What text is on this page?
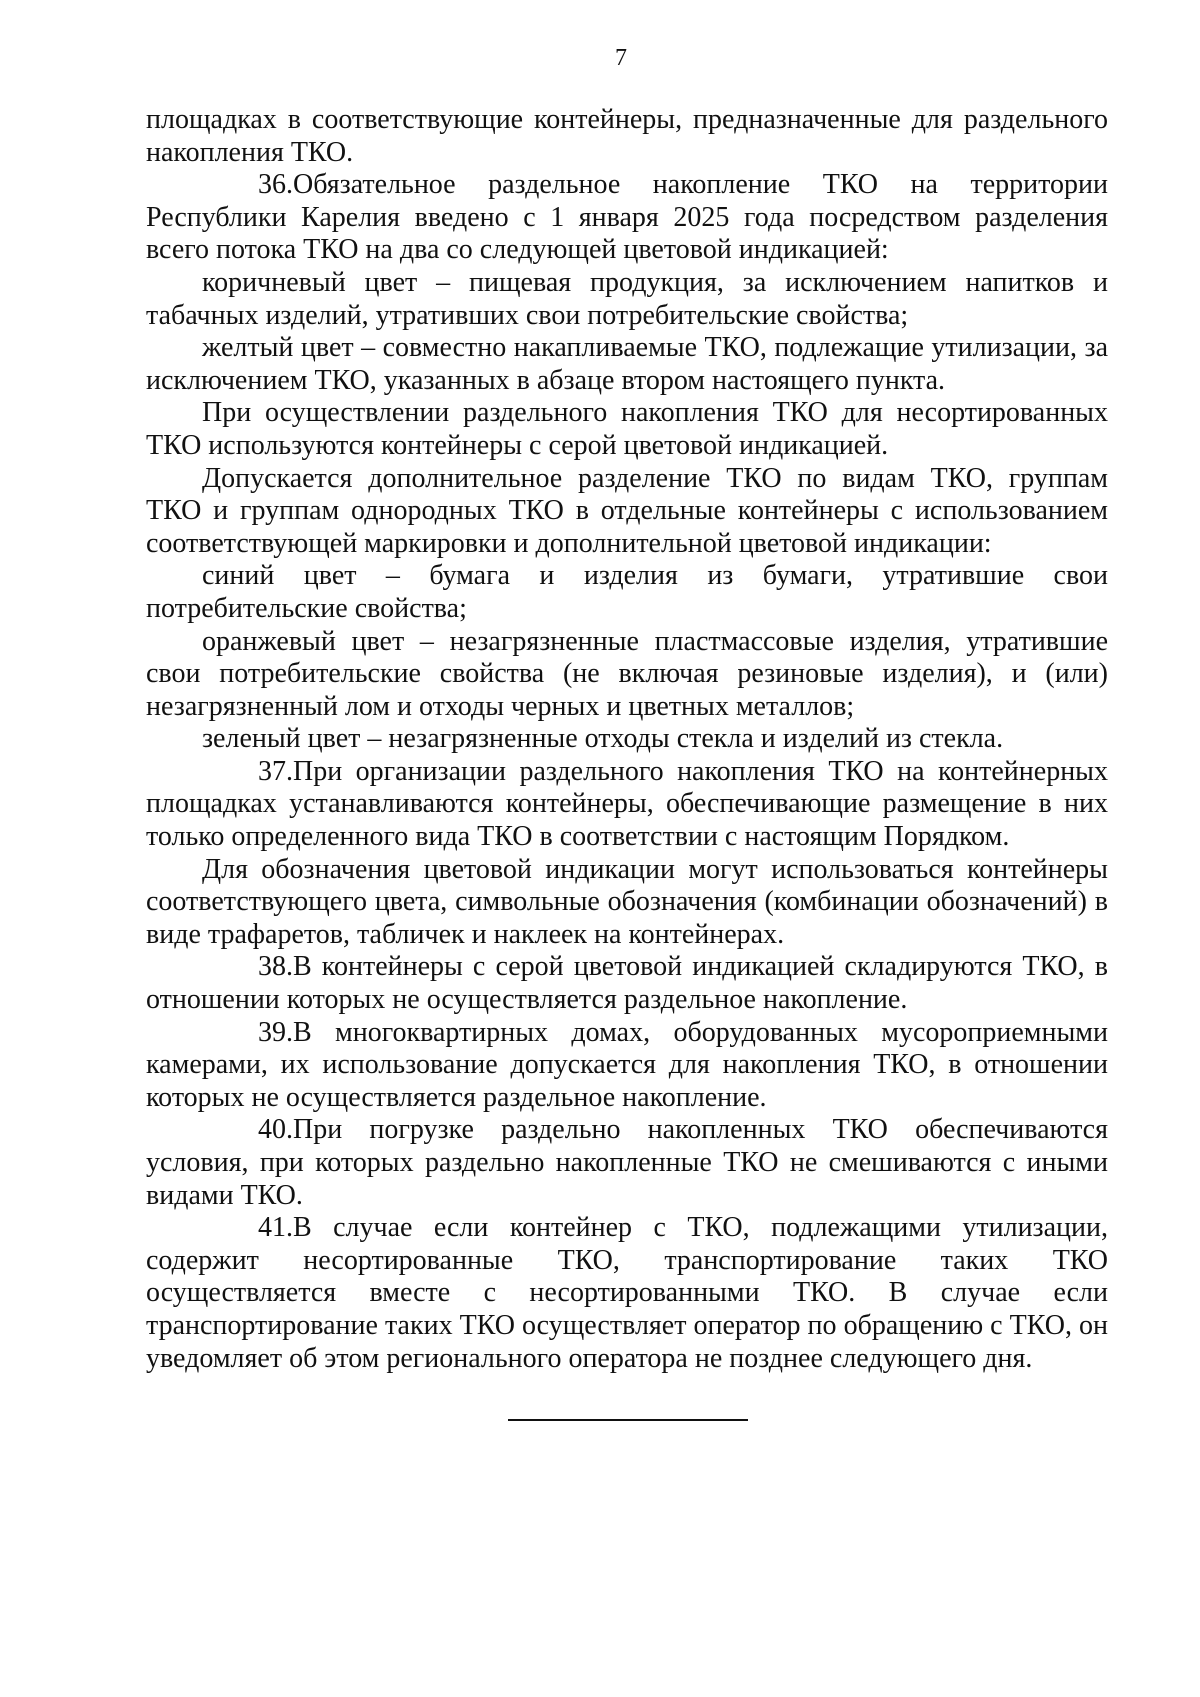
7

площадках в соответствующие контейнеры, предназначенные для раздельного накопления ТКО.

36.Обязательное раздельное накопление ТКО на территории Республики Карелия введено с 1 января 2025 года посредством разделения всего потока ТКО на два со следующей цветовой индикацией:

коричневый цвет – пищевая продукция, за исключением напитков и табачных изделий, утративших свои потребительские свойства;

желтый цвет – совместно накапливаемые ТКО, подлежащие утилизации, за исключением ТКО, указанных в абзаце втором настоящего пункта.

При осуществлении раздельного накопления ТКО для несортированных ТКО используются контейнеры с серой цветовой индикацией.

Допускается дополнительное разделение ТКО по видам ТКО, группам ТКО и группам однородных ТКО в отдельные контейнеры с использованием соответствующей маркировки и дополнительной цветовой индикации:

синий цвет – бумага и изделия из бумаги, утратившие свои потребительские свойства;

оранжевый цвет – незагрязненные пластмассовые изделия, утратившие свои потребительские свойства (не включая резиновые изделия), и (или) незагрязненный лом и отходы черных и цветных металлов;

зеленый цвет – незагрязненные отходы стекла и изделий из стекла.

37.При организации раздельного накопления ТКО на контейнерных площадках устанавливаются контейнеры, обеспечивающие размещение в них только определенного вида ТКО в соответствии с настоящим Порядком.

Для обозначения цветовой индикации могут использоваться контейнеры соответствующего цвета, символьные обозначения (комбинации обозначений) в виде трафаретов, табличек и наклеек на контейнерах.

38.В контейнеры с серой цветовой индикацией складируются ТКО, в отношении которых не осуществляется раздельное накопление.

39.В многоквартирных домах, оборудованных мусороприемными камерами, их использование допускается для накопления ТКО, в отношении которых не осуществляется раздельное накопление.

40.При погрузке раздельно накопленных ТКО обеспечиваются условия, при которых раздельно накопленные ТКО не смешиваются с иными видами ТКО.

41.В случае если контейнер с ТКО, подлежащими утилизации, содержит несортированные ТКО, транспортирование таких ТКО осуществляется вместе с несортированными ТКО. В случае если транспортирование таких ТКО осуществляет оператор по обращению с ТКО, он уведомляет об этом регионального оператора не позднее следующего дня.
